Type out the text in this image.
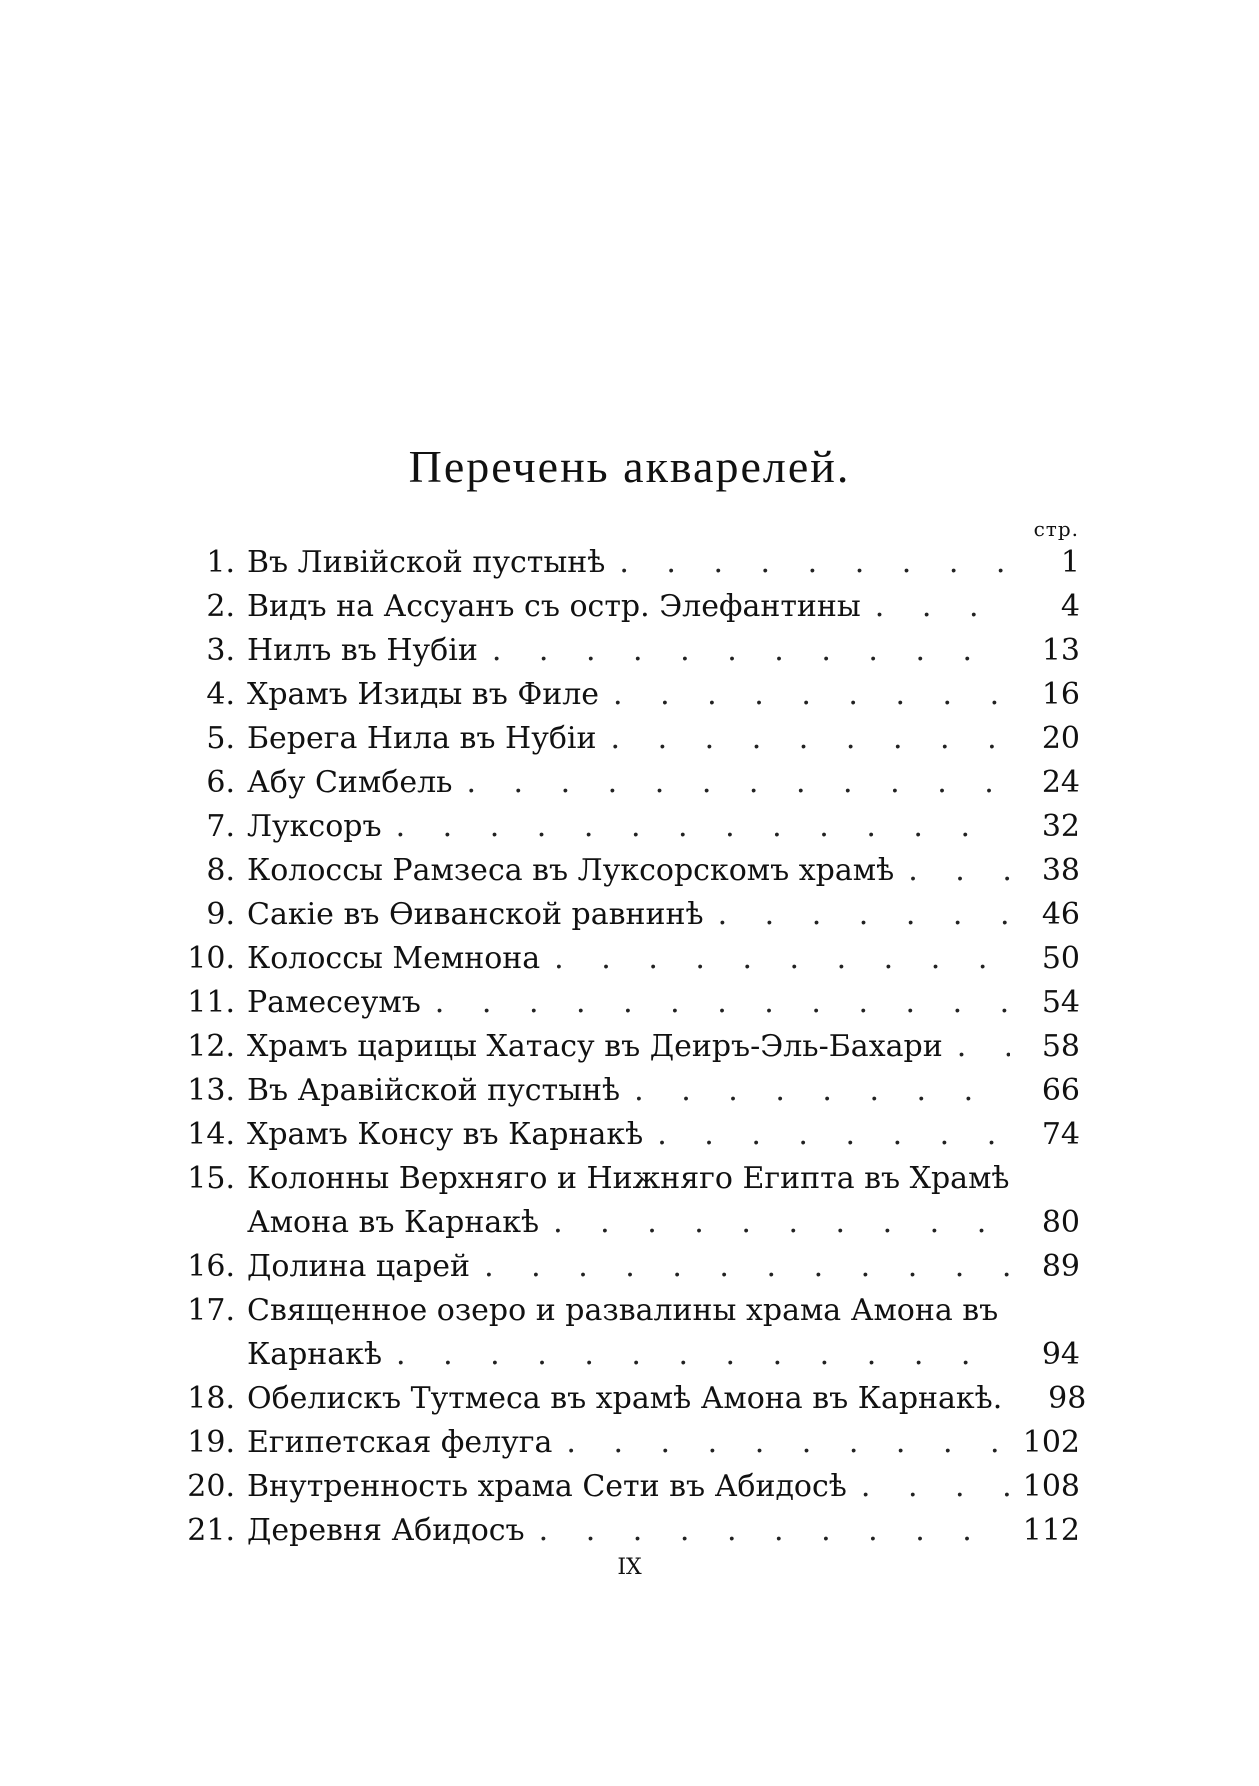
Перечень акварелей.
стр.
1. Въ Ливійской пустынѣ . . .	1
2. Видъ на Ассуанъ съ остр. Элефантины . . .	4
3. Нилъ въ Нубіи . . .	13
4. Храмъ Изиды въ Филе . . .	16
5. Берега Нила въ Нубіи . . .	20
6. Абу Симбель . . .	24
7. Луксоръ . . .	32
8. Колоссы Рамзеса въ Луксорскомъ храмѣ . . .	38
9. Сакіе въ Ѳиванской равнинѣ . . .	46
10. Колоссы Мемнона . . .	50
11. Рамесеумъ . . .	54
12. Храмъ царицы Хатасу въ Деиръ-Эль-Бахари . . .	58
13. Въ Аравійской пустынѣ . . .	66
14. Храмъ Консу въ Карнакѣ . . .	74
15. Колонны Верхняго и Нижняго Египта въ Храмѣ
Амона въ Карнакѣ . . .	80
16. Долина царей . . .	89
17. Священное озеро и развалины храма Амона въ
Карнакѣ . . .	94
18. Обелискъ Тутмеса въ храмѣ Амона въ Карнакѣ.	98
19. Египетская фелуга . . .	102
20. Внутренность храма Сети въ Абидосѣ . . .	108
21. Деревня Абидосъ . . .	112
IX
